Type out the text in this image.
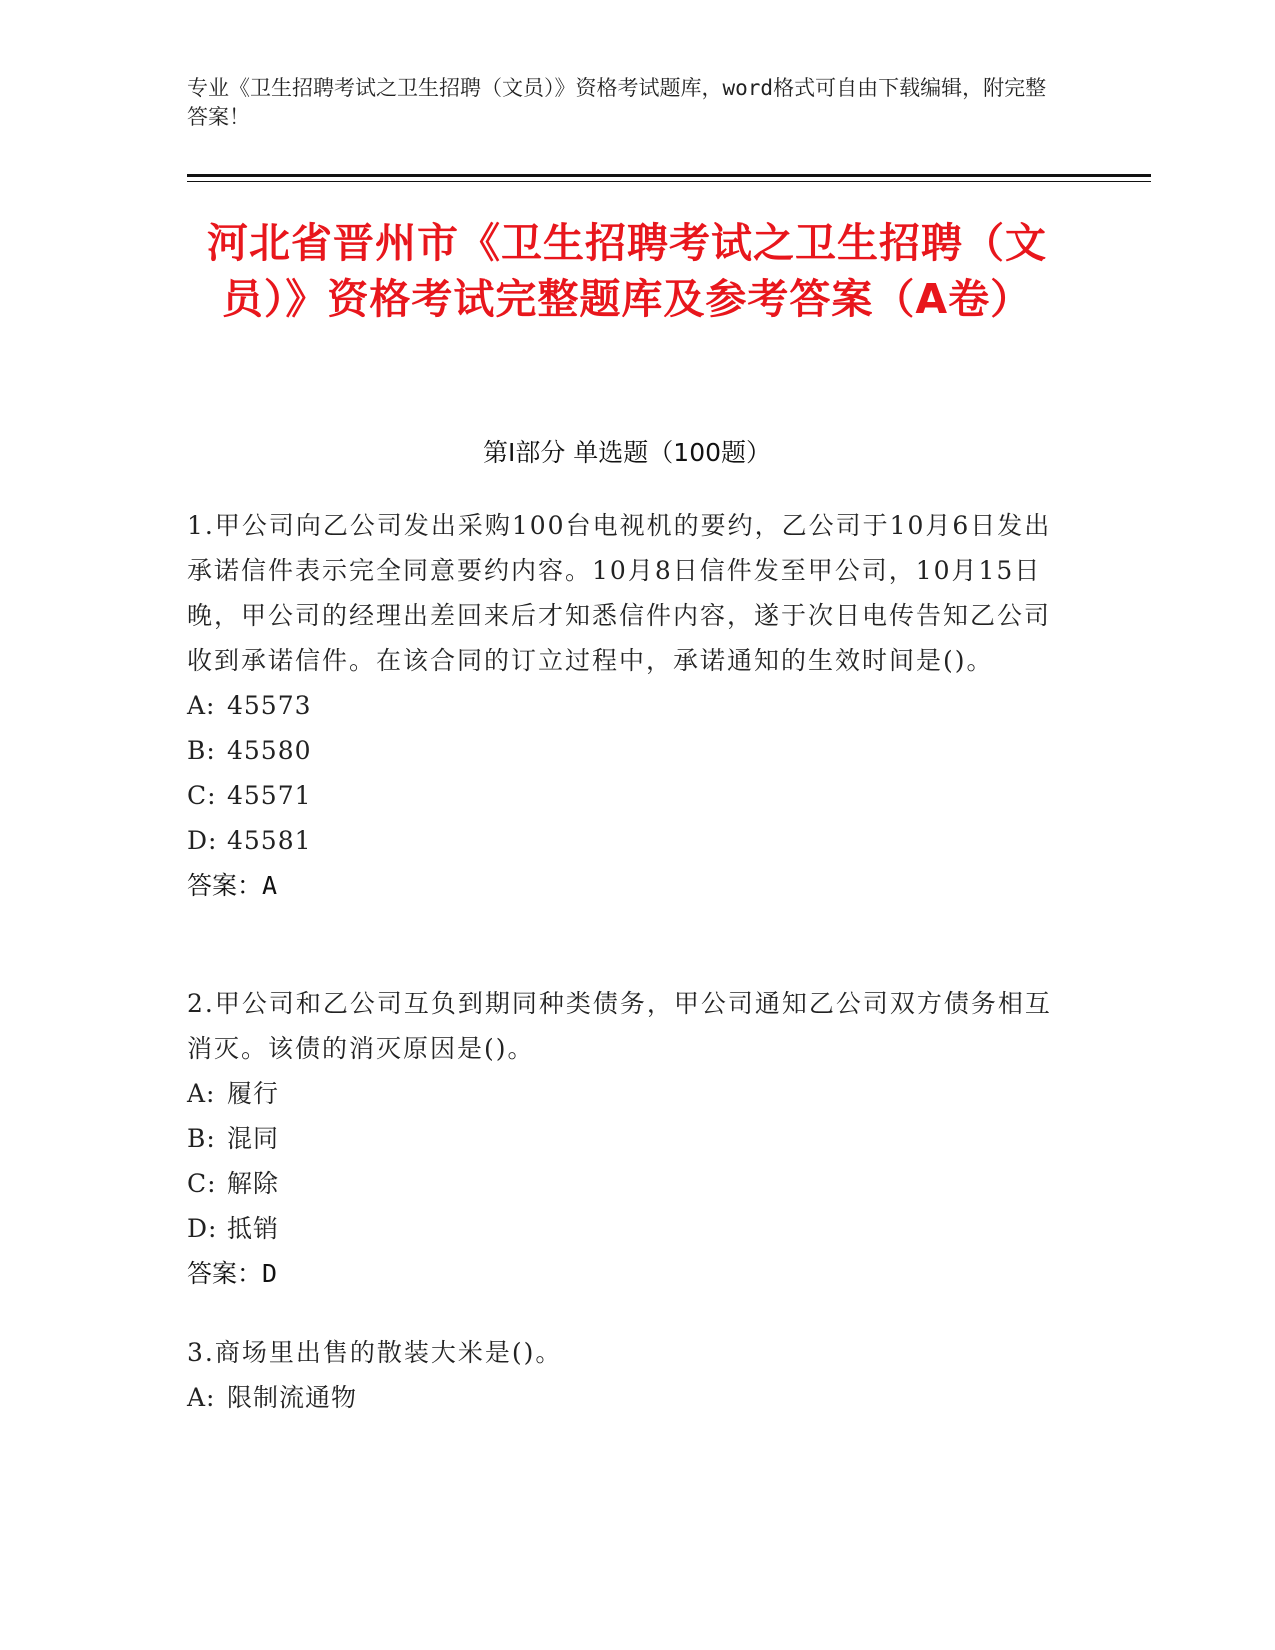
专业《卫生招聘考试之卫生招聘（文员）》资格考试题库，word格式可自由下载编辑，附完整答案！
河北省晋州市《卫生招聘考试之卫生招聘（文员）》资格考试完整题库及参考答案（A卷）
第Ⅰ部分 单选题（100题）
1.甲公司向乙公司发出采购100台电视机的要约，乙公司于10月6日发出承诺信件表示完全同意要约内容。10月8日信件发至甲公司，10月15日晚，甲公司的经理出差回来后才知悉信件内容，遂于次日电传告知乙公司收到承诺信件。在该合同的订立过程中，承诺通知的生效时间是()。
A: 45573
B: 45580
C: 45571
D: 45581
答案：A
2.甲公司和乙公司互负到期同种类债务，甲公司通知乙公司双方债务相互消灭。该债的消灭原因是()。
A: 履行
B: 混同
C: 解除
D: 抵销
答案：D
3.商场里出售的散装大米是()。
A: 限制流通物
